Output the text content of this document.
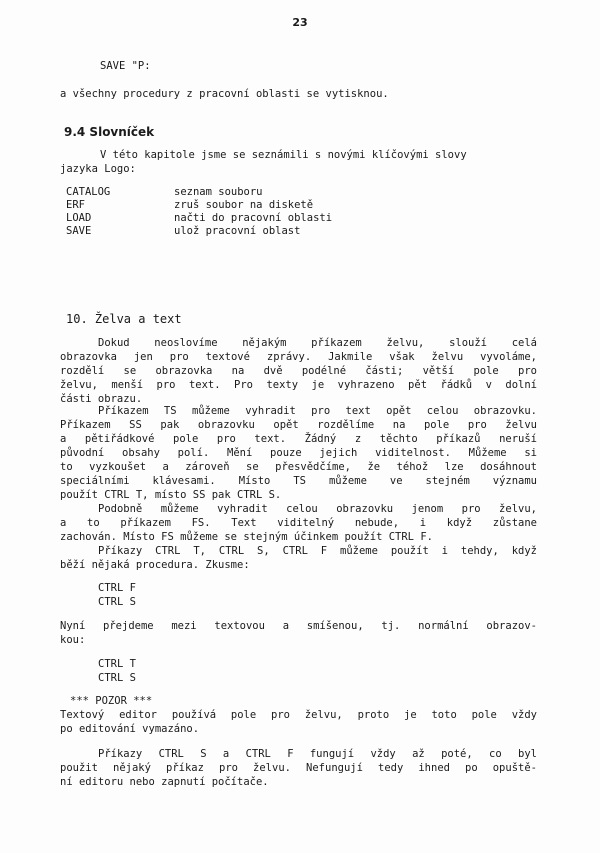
23
SAVE "P:
a všechny procedury z pracovní oblasti se vytisknou.
9.4 Slovníček
V této kapitole jsme se seznámili s novými klíčovými slovy
jazyka Logo:
CATALOG	seznam souboru
ERF	zruš soubor na disketě
LOAD	načti do pracovní oblasti
SAVE	ulož pracovní oblast
10. Želva a text
Dokud neoslovíme nějakým příkazem želvu, slouží celá
obrazovka jen pro textové zprávy. Jakmile však želvu vyvoláme,
rozdělí se obrazovka na dvě podélné části; větší pole pro
želvu, menší pro text. Pro texty je vyhrazeno pět řádků v dolní
části obrazu.
Příkazem TS můžeme vyhradit pro text opět celou obrazovku.
Příkazem SS pak obrazovku opět rozdělíme na pole pro želvu
a pětiřádkové pole pro text. Žádný z těchto příkazů neruší
původní obsahy polí. Mění pouze jejich viditelnost. Můžeme si
to vyzkoušet a zároveň se přesvědčíme, že téhož lze dosáhnout
speciálními klávesami. Místo TS můžeme ve stejném významu
použít CTRL T, místo SS pak CTRL S.
Podobně můžeme vyhradit celou obrazovku jenom pro želvu,
a to příkazem FS. Text viditelný nebude, i když zůstane
zachován. Místo FS můžeme se stejným účinkem použít CTRL F.
Příkazy CTRL T, CTRL S, CTRL F můžeme použít i tehdy, když
běží nějaká procedura. Zkusme:
CTRL F
CTRL S
Nyní přejdeme mezi textovou a smíšenou, tj. normální obrazov-
kou:
CTRL T
CTRL S
*** POZOR ***
Textový editor používá pole pro želvu, proto je toto pole vždy
po editování vymazáno.
Příkazy CTRL S a CTRL F fungují vždy až poté, co byl
použit nějaký příkaz pro želvu. Nefungují tedy ihned po opuště-
ní editoru nebo zapnutí počítače.
